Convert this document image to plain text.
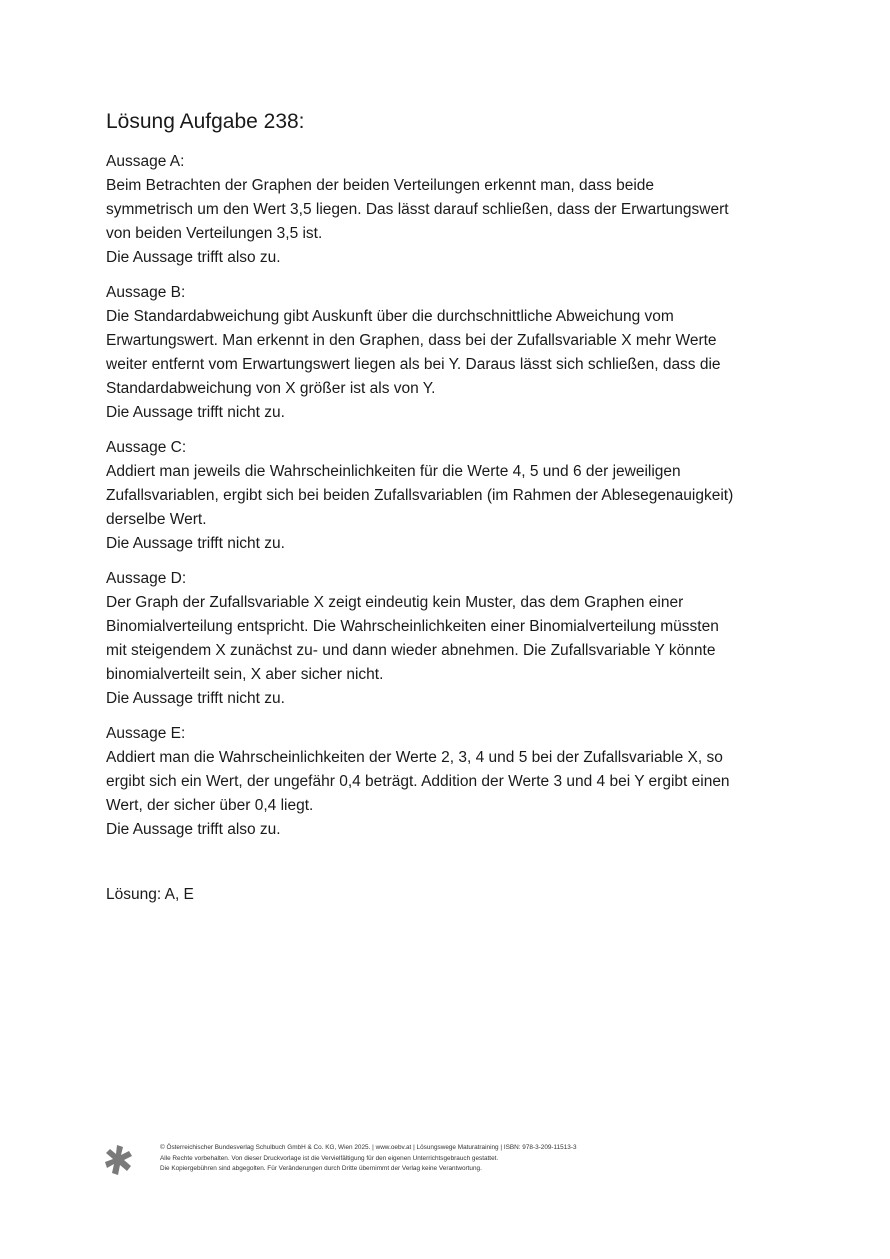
Lösung Aufgabe 238:

Aussage A:

Beim Betrachten der Graphen der beiden Verteilungen erkennt man, dass beide

symmetrisch um den Wert 3,5 liegen. Das lässt darauf schließen, dass der Erwartungswert

von beiden Verteilungen 3,5 ist.

Die Aussage trifft also zu.

Aussage B:

Die Standardabweichung gibt Auskunft über die durchschnittliche Abweichung vom

Erwartungswert. Man erkennt in den Graphen, dass bei der Zufallsvariable X mehr Werte

weiter entfernt vom Erwartungswert liegen als bei Y. Daraus lässt sich schließen, dass die

Standardabweichung von X größer ist als von Y.

Die Aussage trifft nicht zu.

Aussage C:

Addiert man jeweils die Wahrscheinlichkeiten für die Werte 4, 5 und 6 der jeweiligen

Zufallsvariablen, ergibt sich bei beiden Zufallsvariablen (im Rahmen der Ablesegenauigkeit)

derselbe Wert.

Die Aussage trifft nicht zu.

Aussage D:

Der Graph der Zufallsvariable X zeigt eindeutig kein Muster, das dem Graphen einer

Binomialverteilung entspricht. Die Wahrscheinlichkeiten einer Binomialverteilung müssten

mit steigendem X zunächst zu- und dann wieder abnehmen. Die Zufallsvariable Y könnte

binomialverteilt sein, X aber sicher nicht.

Die Aussage trifft nicht zu.

Aussage E:

Addiert man die Wahrscheinlichkeiten der Werte 2, 3, 4 und 5 bei der Zufallsvariable X, so

ergibt sich ein Wert, der ungefähr 0,4 beträgt. Addition der Werte 3 und 4 bei Y ergibt einen

Wert, der sicher über 0,4 liegt.

Die Aussage trifft also zu.

Lösung: A, E

© Österreichischer Bundesverlag Schulbuch GmbH & Co. KG, Wien 2025. | www.oebv.at | Lösungswege Maturatraining | ISBN: 978-3-209-11513-3
Alle Rechte vorbehalten. Von dieser Druckvorlage ist die Vervielfältigung für den eigenen Unterrichtsgebrauch gestattet.
Die Kopiergebühren sind abgegolten. Für Veränderungen durch Dritte übernimmt der Verlag keine Verantwortung.
